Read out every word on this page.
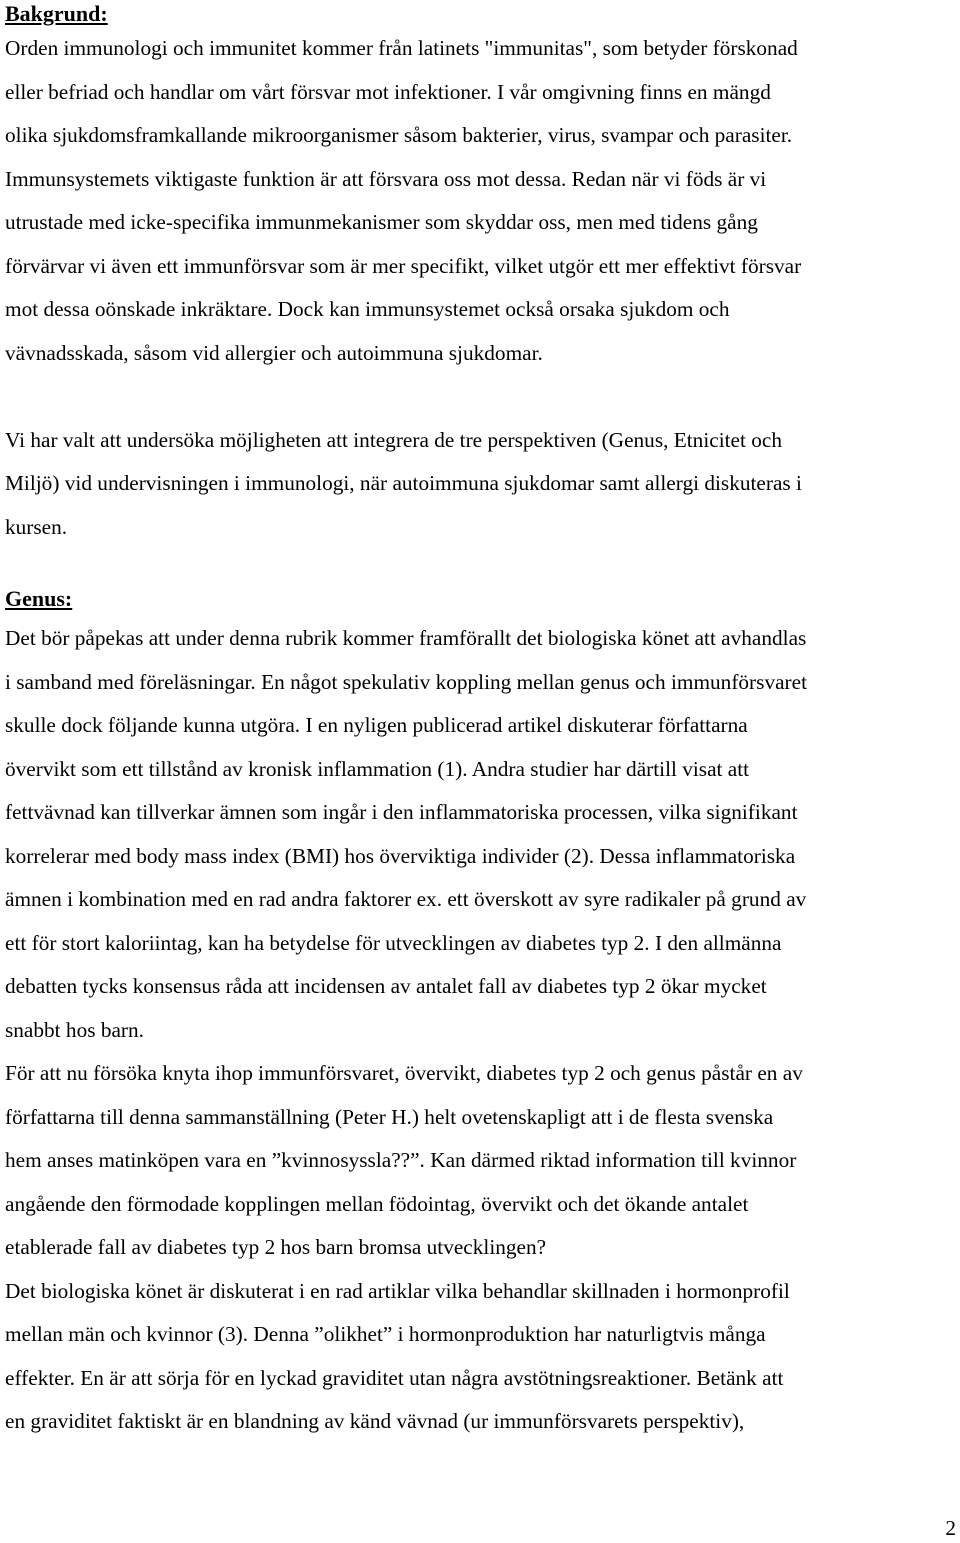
Bakgrund:

Orden immunologi och immunitet kommer från latinets "immunitas", som betyder förskonad
eller befriad och handlar om vårt försvar mot infektioner. I vår omgivning finns en mängd
olika sjukdomsframkallande mikroorganismer såsom bakterier, virus, svampar och parasiter.
Immunsystemets viktigaste funktion är att försvara oss mot dessa. Redan när vi föds är vi
utrustade med icke-specifika immunmekanismer som skyddar oss, men med tidens gång
förvärvar vi även ett immunförsvar som är mer specifikt, vilket utgör ett mer effektivt försvar
mot dessa oönskade inkräktare. Dock kan immunsystemet också orsaka sjukdom och
vävnadsskada, såsom vid allergier och autoimmuna sjukdomar.

Vi har valt att undersöka möjligheten att integrera de tre perspektiven (Genus, Etnicitet och
Miljö) vid undervisningen i immunologi, när autoimmuna sjukdomar samt allergi diskuteras i
kursen.

Genus:

Det bör påpekas att under denna rubrik kommer framförallt det biologiska könet att avhandlas
i samband med föreläsningar. En något spekulativ koppling mellan genus och immunförsvaret
skulle dock följande kunna utgöra. I en nyligen publicerad artikel diskuterar författarna
övervikt som ett tillstånd av kronisk inflammation (1). Andra studier har därtill visat att
fettvävnad kan tillverkar ämnen som ingår i den inflammatoriska processen, vilka signifikant
korrelerar med body mass index (BMI) hos överviktiga individer (2). Dessa inflammatoriska
ämnen i kombination med en rad andra faktorer ex. ett överskott av syre radikaler på grund av
ett för stort kaloriintag, kan ha betydelse för utvecklingen av diabetes typ 2. I den allmänna
debatten tycks konsensus råda att incidensen av antalet fall av diabetes typ 2 ökar mycket
snabbt hos barn.

För att nu försöka knyta ihop immunförsvaret, övervikt, diabetes typ 2 och genus påstår en av
författarna till denna sammanställning (Peter H.) helt ovetenskapligt att i de flesta svenska
hem anses matinköpen vara en ”kvinnosyssla??”. Kan därmed riktad information till kvinnor
angående den förmodade kopplingen mellan födointag, övervikt och det ökande antalet
etablerade fall av diabetes typ 2 hos barn bromsa utvecklingen?

Det biologiska könet är diskuterat i en rad artiklar vilka behandlar skillnaden i hormonprofil
mellan män och kvinnor (3). Denna ”olikhet” i hormonproduktion har naturligtvis många
effekter. En är att sörja för en lyckad graviditet utan några avstötningsreaktioner. Betänk att
en graviditet faktiskt är en blandning av känd vävnad (ur immunförsvarets perspektiv),

2
